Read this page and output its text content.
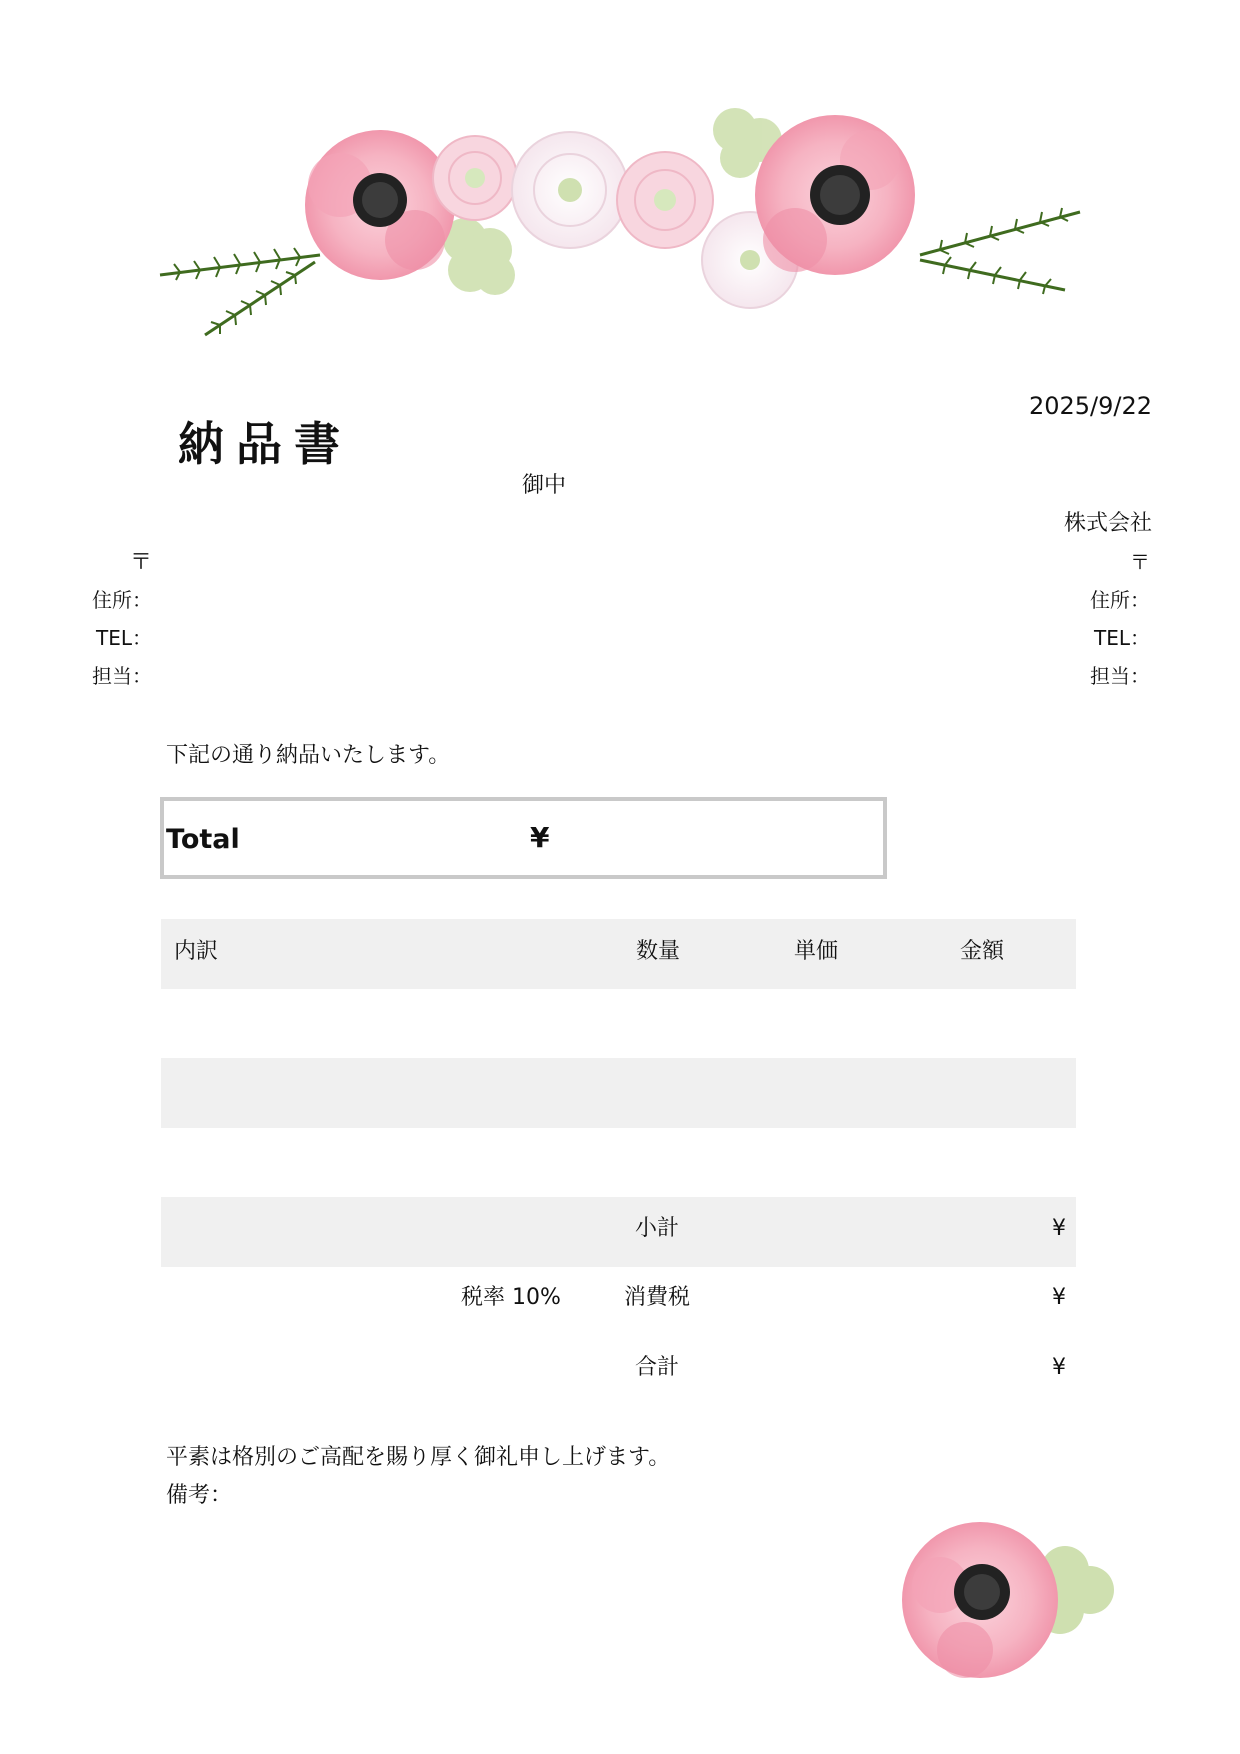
納品書
2025/9/22
御中
株式会社
〒
住所：
TEL：
担当：
〒
住所：
TEL：
担当：
下記の通り納品いたします。
Total	¥
内訳	数量	単価	金額
小計	¥
税率 10%	消費税	¥
合計	¥
平素は格別のご高配を賜り厚く御礼申し上げます。
備考：
